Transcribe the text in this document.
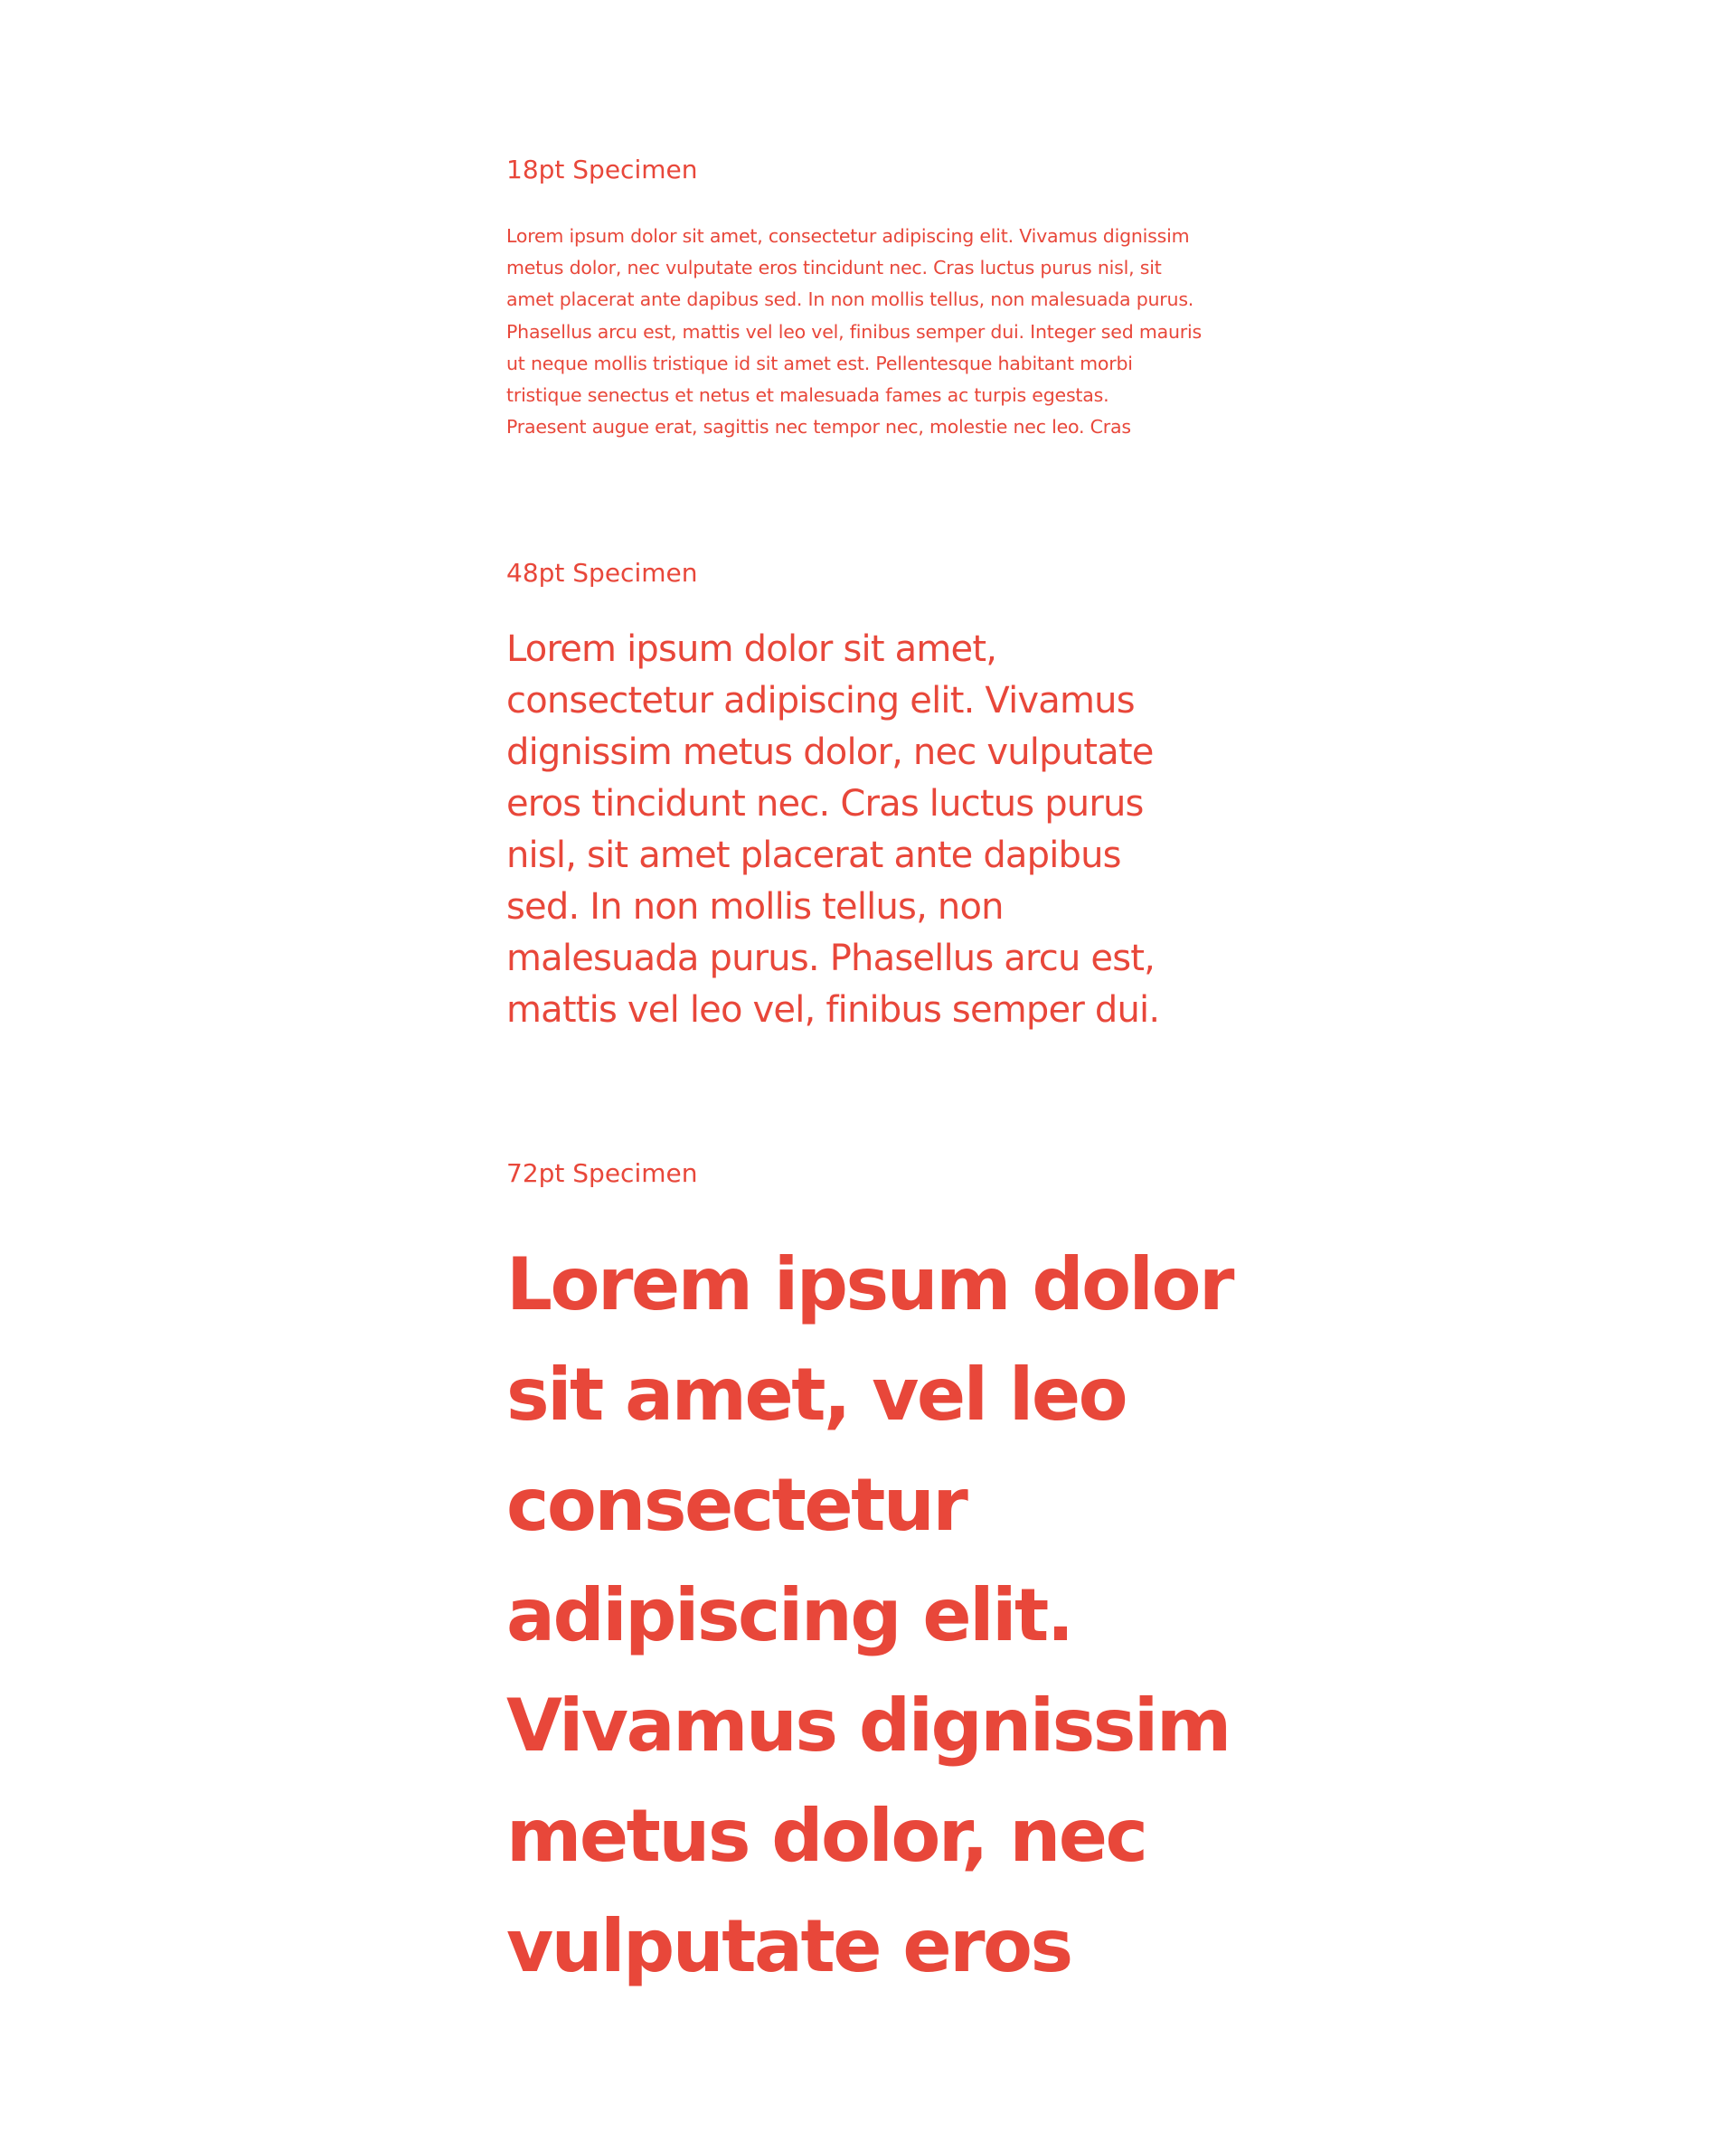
18pt Specimen

Lorem ipsum dolor sit amet, consectetur adipiscing elit. Vivamus dignissim
metus dolor, nec vulputate eros tincidunt nec. Cras luctus purus nisl, sit
amet placerat ante dapibus sed. In non mollis tellus, non malesuada purus.
Phasellus arcu est, mattis vel leo vel, finibus semper dui. Integer sed mauris
ut neque mollis tristique id sit amet est. Pellentesque habitant morbi
tristique senectus et netus et malesuada fames ac turpis egestas.
Praesent augue erat, sagittis nec tempor nec, molestie nec leo. Cras

48pt Specimen

Lorem ipsum dolor sit amet,
consectetur adipiscing elit. Vivamus
dignissim metus dolor, nec vulputate
eros tincidunt nec. Cras luctus purus
nisl, sit amet placerat ante dapibus
sed. In non mollis tellus, non
malesuada purus. Phasellus arcu est,
mattis vel leo vel, finibus semper dui.

72pt Specimen

Lorem ipsum dolor
sit amet, vel leo
consectetur
adipiscing elit.
Vivamus dignissim
metus dolor, nec
vulputate eros
